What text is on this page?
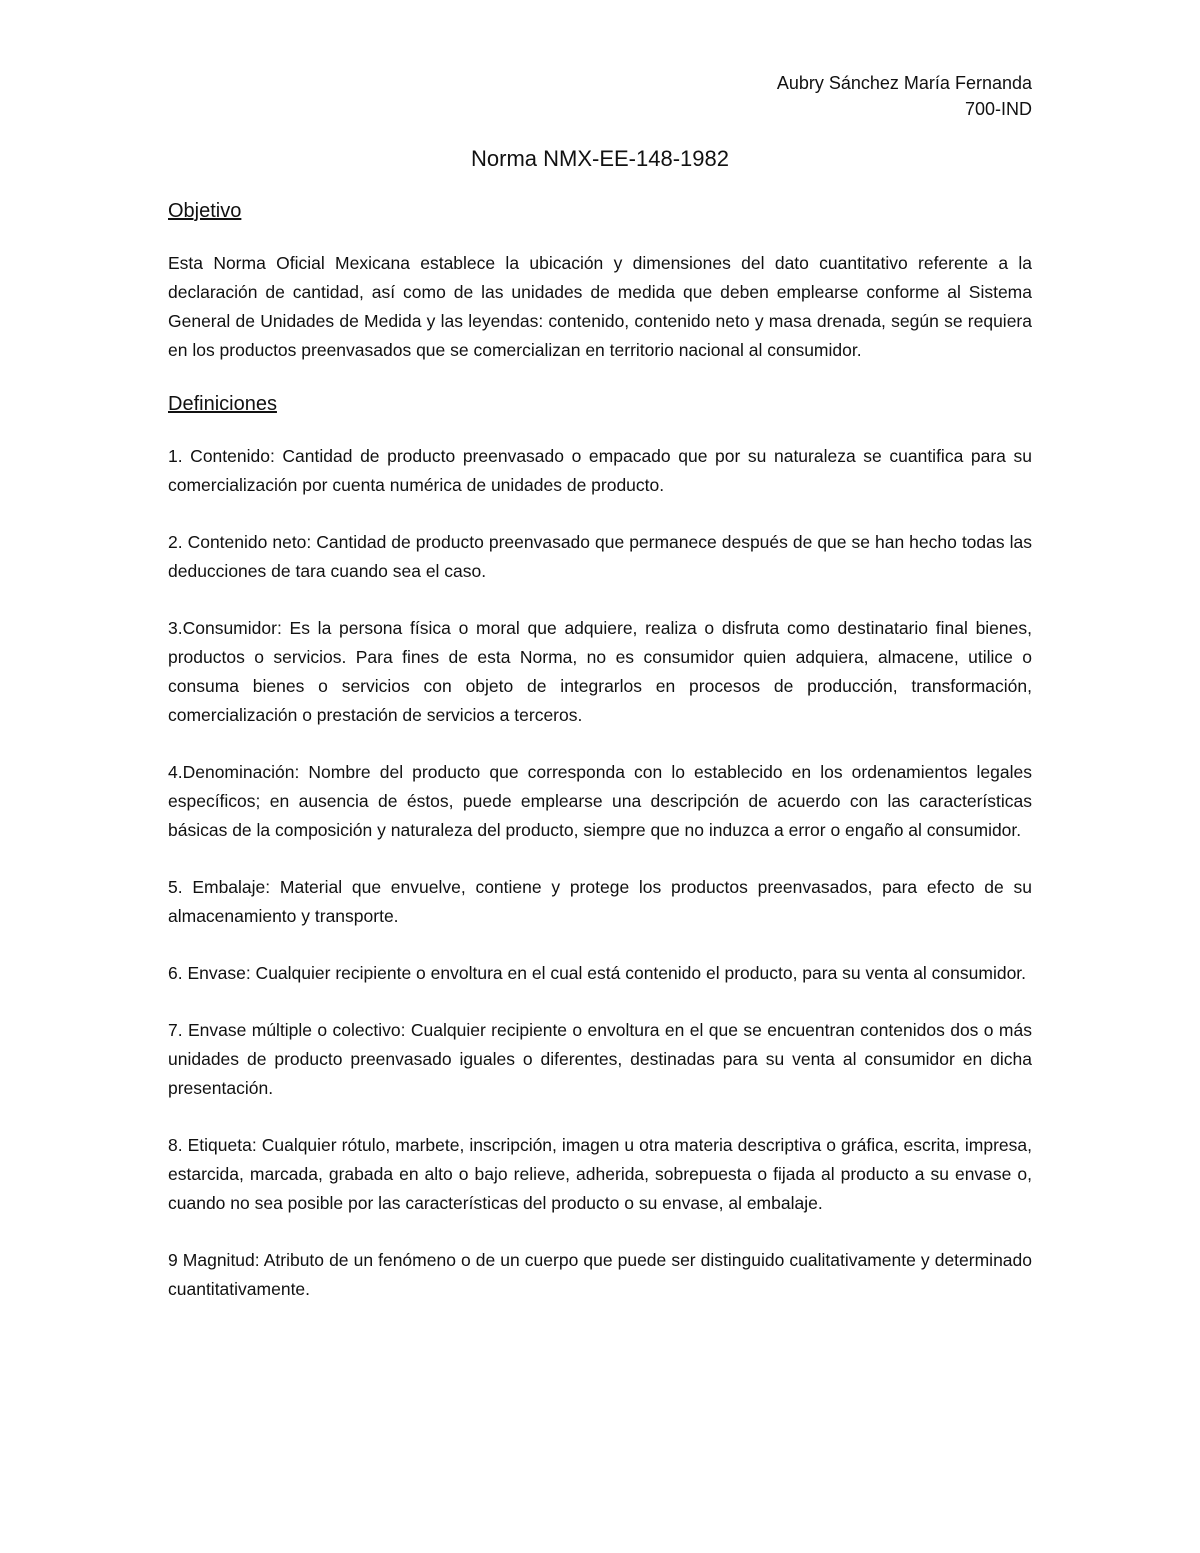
Aubry Sánchez María Fernanda
700-IND
Norma NMX-EE-148-1982
Objetivo

Esta Norma Oficial Mexicana establece la ubicación y dimensiones del dato cuantitativo referente a la declaración de cantidad, así como de las unidades de medida que deben emplearse conforme al Sistema General de Unidades de Medida y las leyendas: contenido, contenido neto y masa drenada, según se requiera en los productos preenvasados que se comercializan en territorio nacional al consumidor.

Definiciones
1. Contenido: Cantidad de producto preenvasado o empacado que por su naturaleza se cuantifica para su comercialización por cuenta numérica de unidades de producto.
2. Contenido neto: Cantidad de producto preenvasado que permanece después de que se han hecho todas las deducciones de tara cuando sea el caso.
3.Consumidor: Es la persona física o moral que adquiere, realiza o disfruta como destinatario final bienes, productos o servicios. Para fines de esta Norma, no es consumidor quien adquiera, almacene, utilice o consuma bienes o servicios con objeto de integrarlos en procesos de producción, transformación, comercialización o prestación de servicios a terceros.
4.Denominación: Nombre del producto que corresponda con lo establecido en los ordenamientos legales específicos; en ausencia de éstos, puede emplearse una descripción de acuerdo con las características básicas de la composición y naturaleza del producto, siempre que no induzca a error o engaño al consumidor.
5. Embalaje: Material que envuelve, contiene y protege los productos preenvasados, para efecto de su almacenamiento y transporte.
6. Envase: Cualquier recipiente o envoltura en el cual está contenido el producto, para su venta al consumidor.
7. Envase múltiple o colectivo: Cualquier recipiente o envoltura en el que se encuentran contenidos dos o más unidades de producto preenvasado iguales o diferentes, destinadas para su venta al consumidor en dicha presentación.
8. Etiqueta: Cualquier rótulo, marbete, inscripción, imagen u otra materia descriptiva o gráfica, escrita, impresa, estarcida, marcada, grabada en alto o bajo relieve, adherida, sobrepuesta o fijada al producto a su envase o, cuando no sea posible por las características del producto o su envase, al embalaje.
9 Magnitud: Atributo de un fenómeno o de un cuerpo que puede ser distinguido cualitativamente y determinado cuantitativamente.
